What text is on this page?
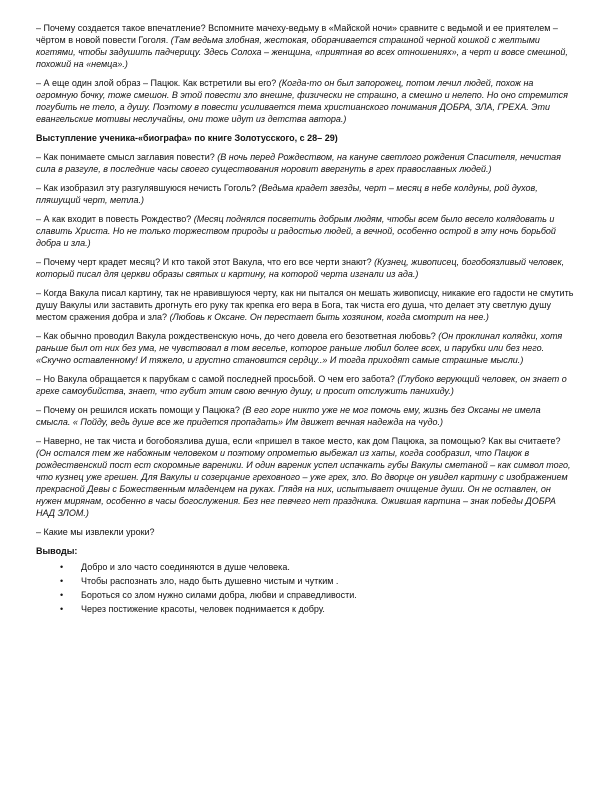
– Почему создается такое впечатление? Вспомните мачеху-ведьму в «Майской ночи» сравните с ведьмой и ее приятелем – чёртом в новой повести Гоголя. (Там ведьма злобная, жестокая, оборачивается страшной черной кошкой с желтыми когтями, чтобы задушить падчерицу. Здесь Солоха – женщина, «приятная во всех отношениях», а черт и вовсе смешной, похожий на «немца».)

– А еще один злой образ – Пацюк. Как встретили вы его? (Когда-то он был запорожец, потом лечил людей, похож на огромную бочку, тоже смешон. В этой повести зло внешне, физически не страшно, а смешно и нелепо. Но оно стремится погубить не тело, а душу. Поэтому в повести усиливается тема христианского понимания ДОБРА, ЗЛА, ГРЕХА. Эти евангельские мотивы неслучайны, они тоже идут из детства автора.)

Выступление ученика-«биографа» по книге Золотусского, с 28– 29)

– Как понимаете смысл заглавия повести? (В ночь перед Рождеством, на кануне светлого рождения Спасителя, нечистая сила в разгуле, в последние часы своего существования норовит ввергнуть в грех православных людей.)

– Как изобразил эту разгулявшуюся нечисть Гоголь? (Ведьма крадет звезды, черт – месяц в небе колдуны, рой духов, пляшущий черт, метла.)

– А как входит в повесть Рождество? (Месяц поднялся посветить добрым людям, чтобы всем было весело колядовать и славить Христа. Но не только торжеством природы и радостью людей, а вечной, особенно острой в эту ночь борьбой добра и зла.)

– Почему черт крадет месяц? И кто такой этот Вакула, что его все черти знают? (Кузнец, живописец, богобоязливый человек, который писал для церкви образы святых и картину, на которой черта изгнали из ада.)

– Когда Вакула писал картину, так не нравившуюся черту, как ни пытался он мешать живописцу, никакие его гадости не смутить душу Вакулы или заставить дрогнуть его руку так крепка его вера в Бога, так чиста его душа, что делает эту светлую душу местом сражения добра и зла? (Любовь к Оксане. Он перестает быть хозяином, когда смотрит на нее.)

– Как обычно проводил Вакула рождественскую ночь, до чего довела его безответная любовь? (Он проклинал колядки, хотя раньше был от них без ума, не чувствовал в том веселье, которое раньше любил более всех, и парубки или без него. «Скучно оставленному! И тяжело, и грустно становится сердцу..» И тогда приходят самые страшные мысли.)

– Но Вакула обращается к парубкам с самой последней просьбой. О чем его забота? (Глубоко верующий человек, он знает о грехе самоубийства, знает, что губит этим свою вечную душу, и просит отслужить панихиду.)

– Почему он решился искать помощи у Пацюка? (В его горе никто уже не мог помочь ему, жизнь без Оксаны не имела смысла. « Пойду, ведь душе все же придется пропадать» Им движет вечная надежда на чудо.)

– Наверно, не так чиста и богобоязлива душа, если «пришел в такое место, как дом Пацюка, за помощью? Как вы считаете? (Он остался тем же набожным человеком и поэтому опрометью выбежал из хаты, когда сообразил, что Пацюк в рождественский пост ест скоромные вареники. И один вареник успел испачкать губы Вакулы сметаной – как символ того, что кузнец уже грешен. Для Вакулы и созерцание греховного – уже грех, зло. Во дворце он увидел картину с изображением прекрасной Девы с Божественным младенцем на руках. Глядя на них, испытывает очищение души. Он не оставлен, он нужен мирянам, особенно в часы богослужения. Без нег певчего нет праздника. Ожившая картина – знак победы ДОБРА НАД ЗЛОМ.)

– Какие мы извлекли уроки?

Выводы:

• Добро и зло часто соединяются в душе человека.
• Чтобы распознать зло, надо быть душевно чистым и чутким .
• Бороться со злом нужно силами добра, любви и справедливости.
• Через постижение красоты, человек поднимается к добру.
